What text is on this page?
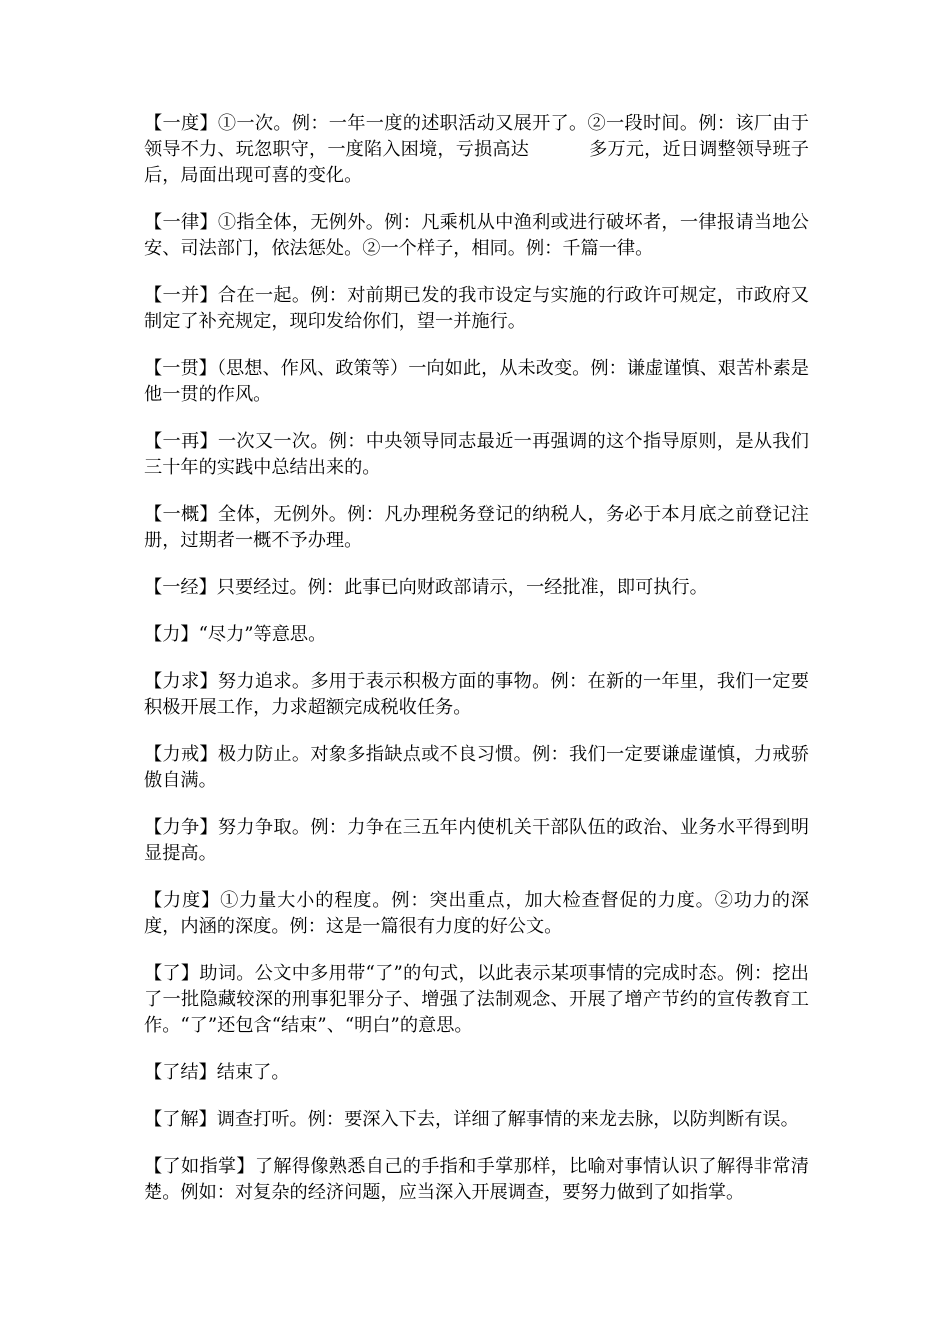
【一度】①一次。例：一年一度的述职活动又展开了。②一段时间。例：该厂由于领导不力、玩忽职守，一度陷入困境，亏损高达	多万元，近日调整领导班子后，局面出现可喜的变化。
【一律】①指全体，无例外。例：凡乘机从中渔利或进行破坏者，一律报请当地公安、司法部门，依法惩处。②一个样子，相同。例：千篇一律。
【一并】合在一起。例：对前期已发的我市设定与实施的行政许可规定，市政府又制定了补充规定，现印发给你们，望一并施行。
【一贯】（思想、作风、政策等）一向如此，从未改变。例：谦虚谨慎、艰苦朴素是他一贯的作风。
【一再】一次又一次。例：中央领导同志最近一再强调的这个指导原则，是从我们三十年的实践中总结出来的。
【一概】全体，无例外。例：凡办理税务登记的纳税人，务必于本月底之前登记注册，过期者一概不予办理。
【一经】只要经过。例：此事已向财政部请示，一经批准，即可执行。
【力】“尽力”等意思。
【力求】努力追求。多用于表示积极方面的事物。例：在新的一年里，我们一定要积极开展工作，力求超额完成税收任务。
【力戒】极力防止。对象多指缺点或不良习惯。例：我们一定要谦虚谨慎，力戒骄傲自满。
【力争】努力争取。例：力争在三五年内使机关干部队伍的政治、业务水平得到明显提高。
【力度】①力量大小的程度。例：突出重点，加大检查督促的力度。②功力的深度，内涵的深度。例：这是一篇很有力度的好公文。
【了】助词。公文中多用带“了”的句式，以此表示某项事情的完成时态。例：挖出了一批隐藏较深的刑事犯罪分子、增强了法制观念、开展了增产节约的宣传教育工作。“了”还包含“结束”、“明白”的意思。
【了结】结束了。
【了解】调查打听。例：要深入下去，详细了解事情的来龙去脉，以防判断有误。
【了如指掌】了解得像熟悉自己的手指和手掌那样，比喻对事情认识了解得非常清楚。例如：对复杂的经济问题，应当深入开展调查，要努力做到了如指掌。
